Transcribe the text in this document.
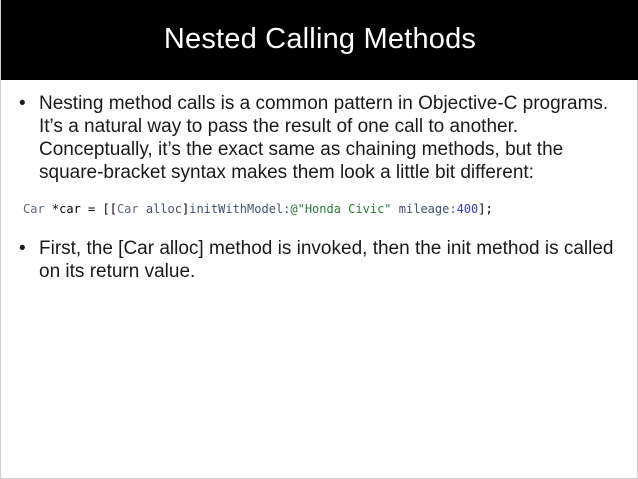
Nested Calling Methods
• Nesting method calls is a common pattern in Objective-C programs. It’s a natural way to pass the result of one call to another. Conceptually, it’s the exact same as chaining methods, but the square-bracket syntax makes them look a little bit different:
Car *car = [[Car alloc]initWithModel:@"Honda Civic" mileage:400];
• First, the [Car alloc] method is invoked, then the init method is called on its return value.
